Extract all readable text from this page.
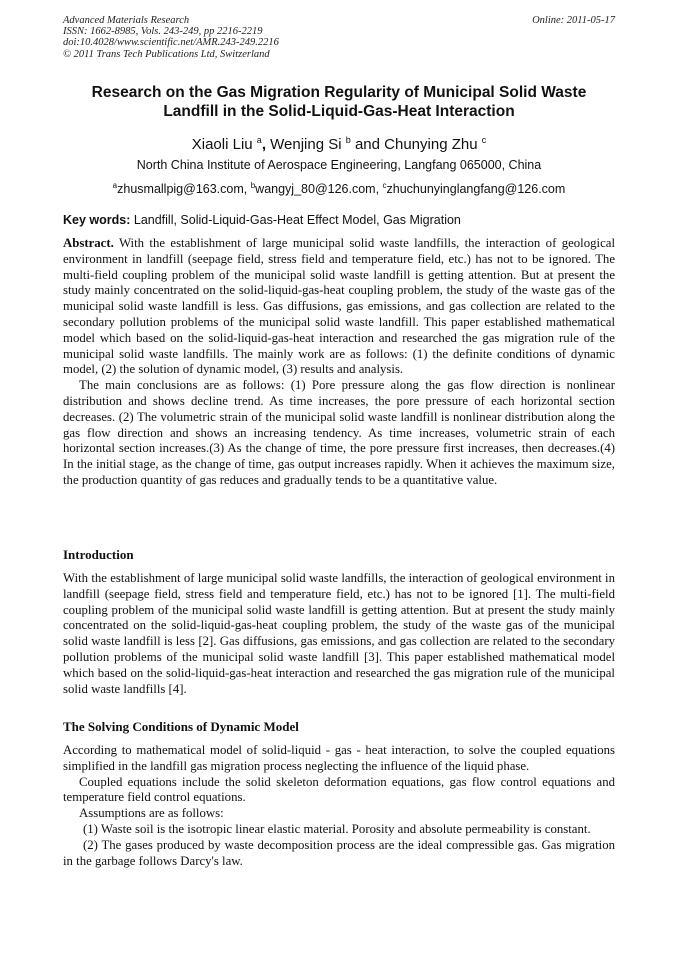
Advanced Materials Research
ISSN: 1662-8985, Vols. 243-249, pp 2216-2219
doi:10.4028/www.scientific.net/AMR.243-249.2216
© 2011 Trans Tech Publications Ltd, Switzerland
Online: 2011-05-17
Research on the Gas Migration Regularity of Municipal Solid Waste
Landfill in the Solid-Liquid-Gas-Heat Interaction
Xiaoli Liu $^a$, Wenjing Si $^b$ and Chunying Zhu $^c$
North China Institute of Aerospace Engineering, Langfang 065000, China
$^a$zhusmallpig@163.com, $^b$wangyj_80@126.com, $^c$zhuchunyinglangfang@126.com
Key words: Landfill, Solid-Liquid-Gas-Heat Effect Model, Gas Migration

Abstract. With the establishment of large municipal solid waste landfills, the interaction of geological environment in landfill (seepage field, stress field and temperature field, etc.) has not to be ignored. The multi-field coupling problem of the municipal solid waste landfill is getting attention. But at present the study mainly concentrated on the solid-liquid-gas-heat coupling problem, the study of the waste gas of the municipal solid waste landfill is less. Gas diffusions, gas emissions, and gas collection are related to the secondary pollution problems of the municipal solid waste landfill. This paper established mathematical model which based on the solid-liquid-gas-heat interaction and researched the gas migration rule of the municipal solid waste landfills. The mainly work are as follows: (1) the definite conditions of dynamic model, (2) the solution of dynamic model, (3) results and analysis.

The main conclusions are as follows: (1) Pore pressure along the gas flow direction is nonlinear distribution and shows decline trend. As time increases, the pore pressure of each horizontal section decreases. (2) The volumetric strain of the municipal solid waste landfill is nonlinear distribution along the gas flow direction and shows an increasing tendency. As time increases, volumetric strain of each horizontal section increases.(3) As the change of time, the pore pressure first increases, then decreases.(4) In the initial stage, as the change of time, gas output increases rapidly. When it achieves the maximum size, the production quantity of gas reduces and gradually tends to be a quantitative value.

Introduction

With the establishment of large municipal solid waste landfills, the interaction of geological environment in landfill (seepage field, stress field and temperature field, etc.) has not to be ignored [1]. The multi-field coupling problem of the municipal solid waste landfill is getting attention. But at present the study mainly concentrated on the solid-liquid-gas-heat coupling problem, the study of the waste gas of the municipal solid waste landfill is less [2]. Gas diffusions, gas emissions, and gas collection are related to the secondary pollution problems of the municipal solid waste landfill [3]. This paper established mathematical model which based on the solid-liquid-gas-heat interaction and researched the gas migration rule of the municipal solid waste landfills [4].

The Solving Conditions of Dynamic Model

According to mathematical model of solid-liquid - gas - heat interaction, to solve the coupled equations simplified in the landfill gas migration process neglecting the influence of the liquid phase.

Coupled equations include the solid skeleton deformation equations, gas flow control equations and temperature field control equations.

Assumptions are as follows:

(1) Waste soil is the isotropic linear elastic material. Porosity and absolute permeability is constant.

(2) The gases produced by waste decomposition process are the ideal compressible gas. Gas migration in the garbage follows Darcy's law.
